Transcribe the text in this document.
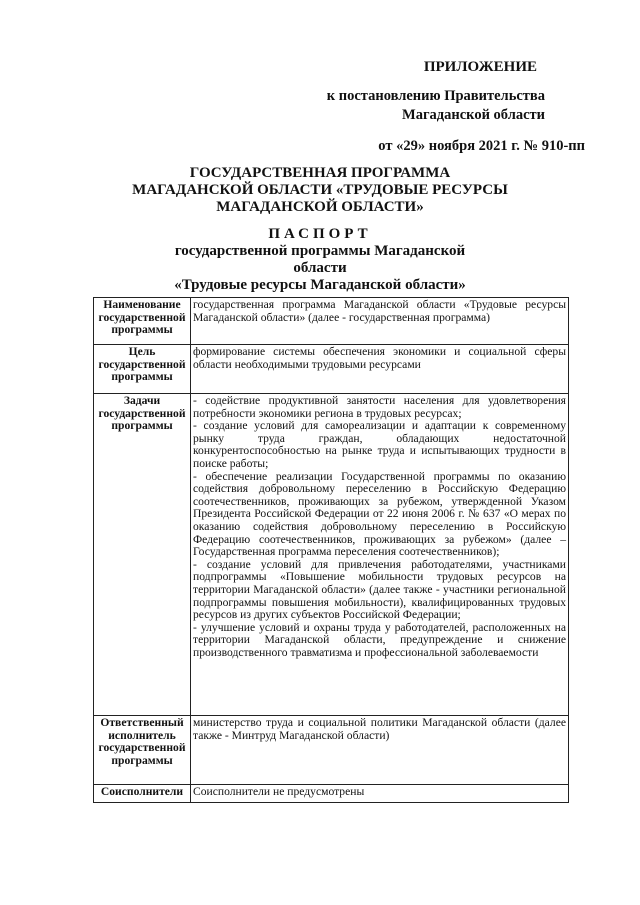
ПРИЛОЖЕНИЕ
к постановлению Правительства
Магаданской области
от «29» ноября 2021 г. № 910-пп
ГОСУДАРСТВЕННАЯ ПРОГРАММА
МАГАДАНСКОЙ ОБЛАСТИ «ТРУДОВЫЕ РЕСУРСЫ
МАГАДАНСКОЙ ОБЛАСТИ»
ПАСПОРТ
государственной программы Магаданской области
«Трудовые ресурсы Магаданской области»
Наименование государственной программы	государственная программа Магаданской области «Трудовые ресурсы Магаданской области» (далее - государственная программа)
Цель государственной программы	формирование системы обеспечения экономики и социальной сферы области необходимыми трудовыми ресурсами
Задачи государственной программы	- содействие продуктивной занятости населения для удовлетворения потребности экономики региона в трудовых ресурсах;
- создание условий для самореализации и адаптации к современному рынку труда граждан, обладающих недостаточной конкурентоспособностью на рынке труда и испытывающих трудности в поиске работы;
- обеспечение реализации Государственной программы по оказанию содействия добровольному переселению в Российскую Федерацию соотечественников, проживающих за рубежом, утвержденной Указом Президента Российской Федерации от 22 июня 2006 г. № 637 «О мерах по оказанию содействия добровольному переселению в Российскую Федерацию соотечественников, проживающих за рубежом» (далее – Государственная программа переселения соотечественников);
- создание условий для привлечения работодателями, участниками подпрограммы «Повышение мобильности трудовых ресурсов на территории Магаданской области» (далее также - участники региональной подпрограммы повышения мобильности), квалифицированных трудовых ресурсов из других субъектов Российской Федерации;
- улучшение условий и охраны труда у работодателей, расположенных на территории Магаданской области, предупреждение и снижение производственного травматизма и профессиональной заболеваемости

Ответственный исполнитель государственной программы	министерство труда и социальной политики Магаданской области (далее также - Минтруд Магаданской области)
Соисполнители	Соисполнители не предусмотрены
